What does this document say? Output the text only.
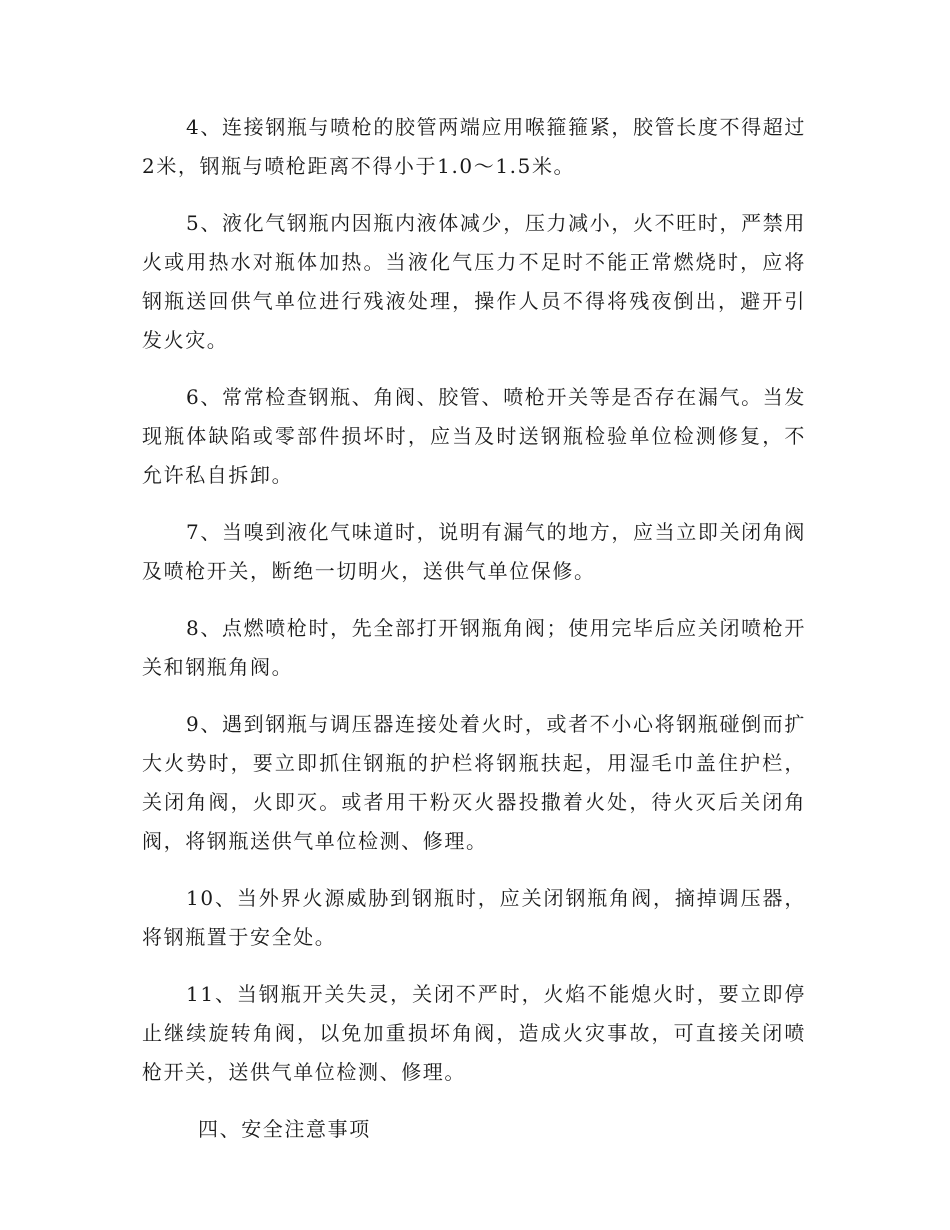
4、连接钢瓶与喷枪的胶管两端应用喉箍箍紧，胶管长度不得超过2米，钢瓶与喷枪距离不得小于1.0～1.5米。

5、液化气钢瓶内因瓶内液体减少，压力减小，火不旺时，严禁用火或用热水对瓶体加热。当液化气压力不足时不能正常燃烧时，应将钢瓶送回供气单位进行残液处理，操作人员不得将残夜倒出，避开引发火灾。

6、常常检查钢瓶、角阀、胶管、喷枪开关等是否存在漏气。当发现瓶体缺陷或零部件损坏时，应当及时送钢瓶检验单位检测修复，不允许私自拆卸。

7、当嗅到液化气味道时，说明有漏气的地方，应当立即关闭角阀及喷枪开关，断绝一切明火，送供气单位保修。

8、点燃喷枪时，先全部打开钢瓶角阀；使用完毕后应关闭喷枪开关和钢瓶角阀。

9、遇到钢瓶与调压器连接处着火时，或者不小心将钢瓶碰倒而扩大火势时，要立即抓住钢瓶的护栏将钢瓶扶起，用湿毛巾盖住护栏，关闭角阀，火即灭。或者用干粉灭火器投撒着火处，待火灭后关闭角阀，将钢瓶送供气单位检测、修理。

10、当外界火源威胁到钢瓶时，应关闭钢瓶角阀，摘掉调压器，将钢瓶置于安全处。

11、当钢瓶开关失灵，关闭不严时，火焰不能熄火时，要立即停止继续旋转角阀，以免加重损坏角阀，造成火灾事故，可直接关闭喷枪开关，送供气单位检测、修理。

四、安全注意事项
